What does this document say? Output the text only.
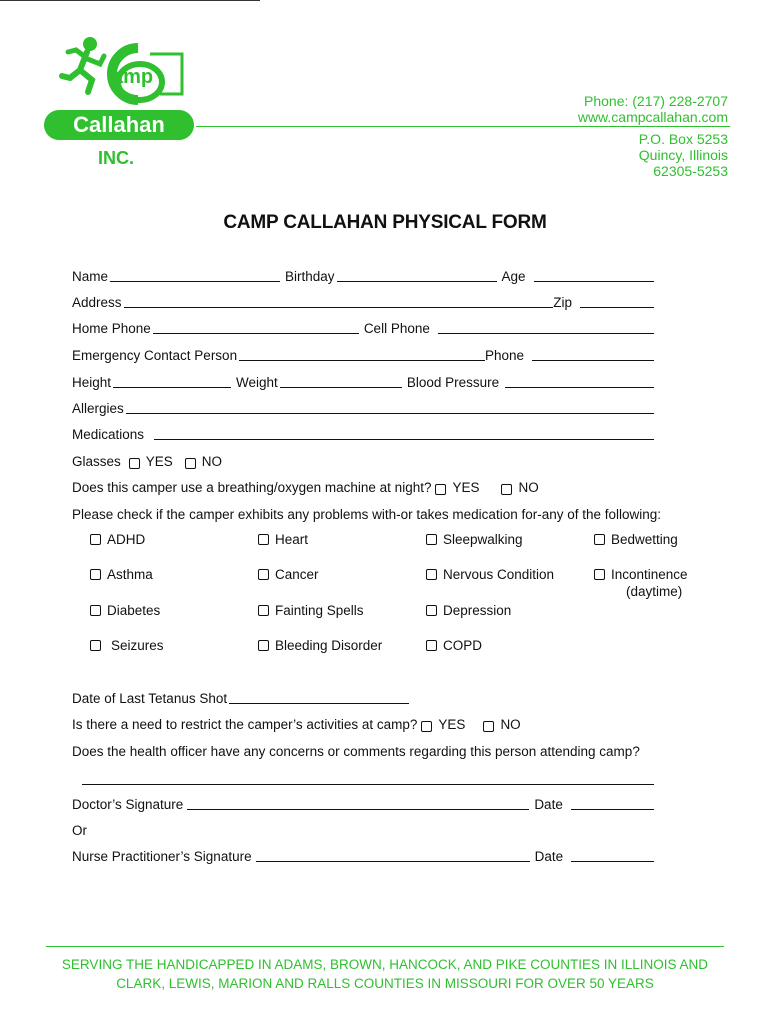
amp
Callahan
INC.
Phone: (217) 228-2707
www.campcallahan.com
P.O. Box 5253
Quincy, Illinois
62305-5253
CAMP CALLAHAN PHYSICAL FORM
Name	Birthday	Age
Address	Zip
Home Phone	Cell Phone
Emergency Contact Person	Phone
Height	Weight	Blood Pressure
Allergies
Medications
Glasses YES NO
Does this camper use a breathing/oxygen machine at night? YES	NO
Please check if the camper exhibits any problems with-or takes medication for-any of the following:
ADHD	Heart	Sleepwalking	Bedwetting
Asthma	Cancer	Nervous Condition	Incontinence
(daytime)
Diabetes	Fainting Spells	Depression
Seizures	Bleeding Disorder	COPD
Date of Last Tetanus Shot
Is there a need to restrict the camper’s activities at camp? YES	NO
Does the health officer have any concerns or comments regarding this person attending camp?
Doctor’s Signature	Date
Or
Nurse Practitioner’s Signature	Date
SERVING THE HANDICAPPED IN ADAMS, BROWN, HANCOCK, AND PIKE COUNTIES IN ILLINOIS AND
CLARK, LEWIS, MARION AND RALLS COUNTIES IN MISSOURI FOR OVER 50 YEARS
